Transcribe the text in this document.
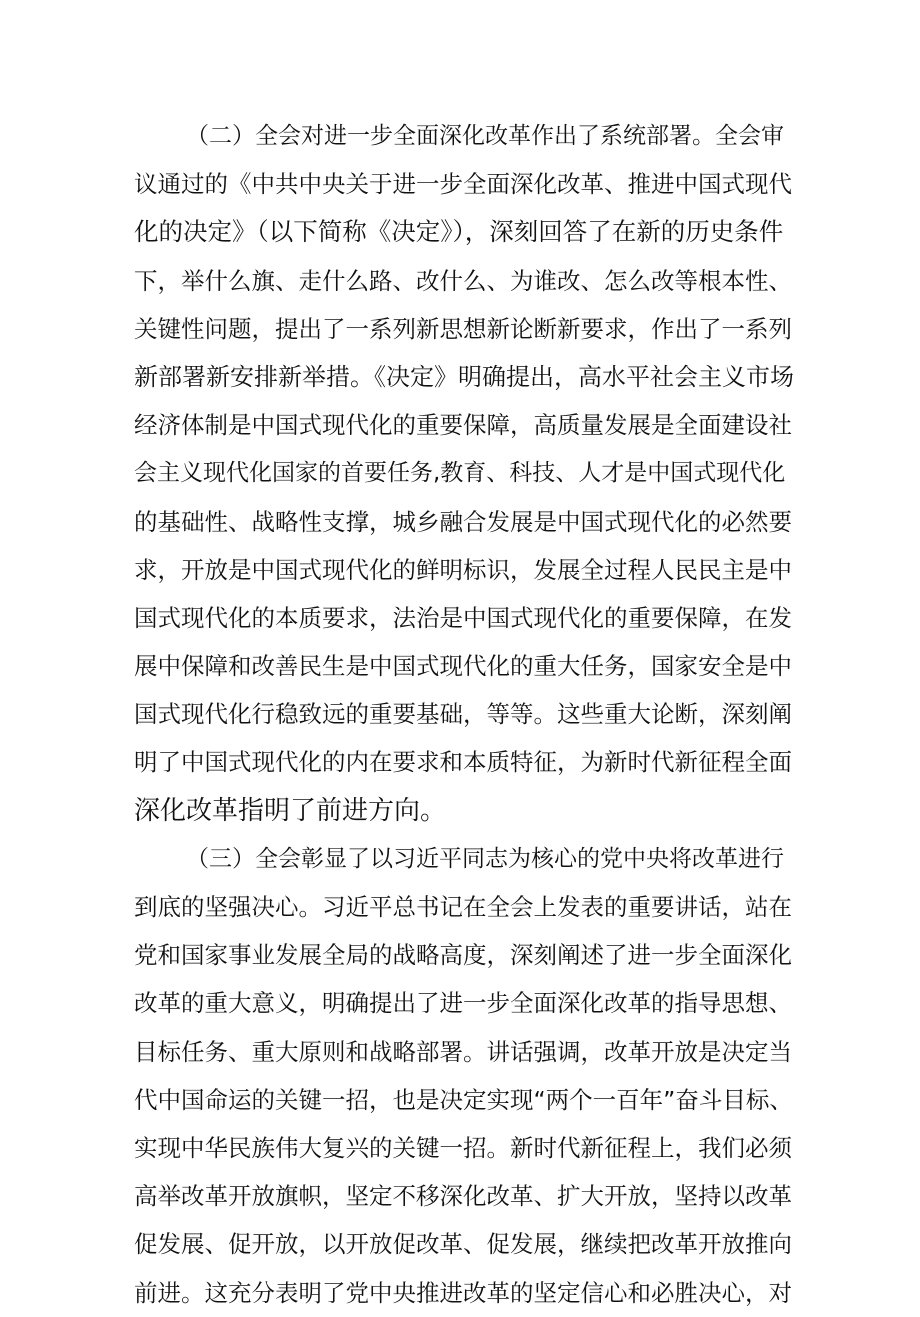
（二）全会对进一步全面深化改革作出了系统部署。全会审
议通过的《中共中央关于进一步全面深化改革、推进中国式现代
化的决定》（以下简称《决定》），深刻回答了在新的历史条件
下，举什么旗、走什么路、改什么、为谁改、怎么改等根本性、
关键性问题，提出了一系列新思想新论断新要求，作出了一系列
新部署新安排新举措。《决定》明确提出，高水平社会主义市场
经济体制是中国式现代化的重要保障，高质量发展是全面建设社
会主义现代化国家的首要任务,教育、科技、人才是中国式现代化
的基础性、战略性支撑，城乡融合发展是中国式现代化的必然要
求，开放是中国式现代化的鲜明标识，发展全过程人民民主是中
国式现代化的本质要求，法治是中国式现代化的重要保障，在发
展中保障和改善民生是中国式现代化的重大任务，国家安全是中
国式现代化行稳致远的重要基础，等等。这些重大论断，深刻阐
明了中国式现代化的内在要求和本质特征，为新时代新征程全面
深化改革指明了前进方向。
（三）全会彰显了以习近平同志为核心的党中央将改革进行
到底的坚强决心。习近平总书记在全会上发表的重要讲话，站在
党和国家事业发展全局的战略高度，深刻阐述了进一步全面深化
改革的重大意义，明确提出了进一步全面深化改革的指导思想、
目标任务、重大原则和战略部署。讲话强调，改革开放是决定当
代中国命运的关键一招，也是决定实现“两个一百年”奋斗目标、
实现中华民族伟大复兴的关键一招。新时代新征程上，我们必须
高举改革开放旗帜，坚定不移深化改革、扩大开放，坚持以改革
促发展、促开放，以开放促改革、促发展，继续把改革开放推向
前进。这充分表明了党中央推进改革的坚定信心和必胜决心，对
